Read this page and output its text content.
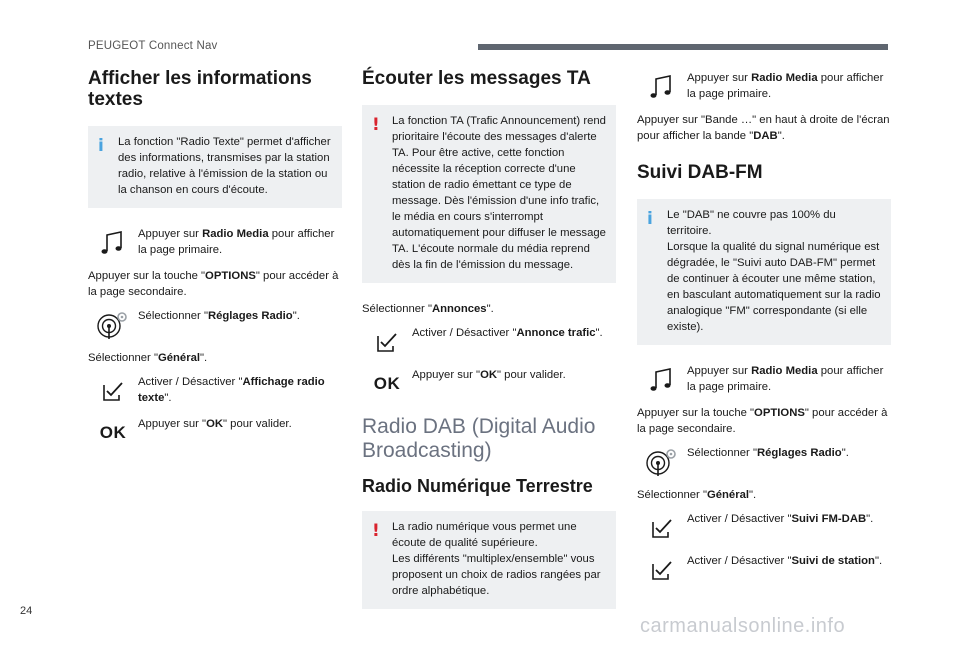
PEUGEOT Connect Nav
Afficher les informations textes
i La fonction "Radio Texte" permet d'afficher des informations, transmises par la station radio, relative à l'émission de la station ou la chanson en cours d'écoute.
Appuyer sur Radio Media pour afficher la page primaire.

Appuyer sur la touche "OPTIONS" pour accéder à la page secondaire.

Sélectionner "Réglages Radio".

Sélectionner "Général".

Activer / Désactiver "Affichage radio texte".
OK Appuyer sur "OK" pour valider.
Écouter les messages TA
! La fonction TA (Trafic Announcement) rend prioritaire l'écoute des messages d'alerte TA. Pour être active, cette fonction nécessite la réception correcte d'une station de radio émettant ce type de message. Dès l'émission d'une info trafic, le média en cours s'interrompt automatiquement pour diffuser le message TA. L'écoute normale du média reprend dès la fin de l'émission du message.

Sélectionner "Annonces".

Activer / Désactiver "Annonce trafic".
OK Appuyer sur "OK" pour valider.
Radio DAB (Digital Audio Broadcasting)
Radio Numérique Terrestre
! La radio numérique vous permet une écoute de qualité supérieure.
Les différents "multiplex/ensemble" vous proposent un choix de radios rangées par ordre alphabétique.
Appuyer sur Radio Media pour afficher la page primaire.

Appuyer sur "Bande …" en haut à droite de l'écran pour afficher la bande "DAB".

Suivi DAB-FM
i Le "DAB" ne couvre pas 100% du territoire.
Lorsque la qualité du signal numérique est dégradée, le "Suivi auto DAB-FM" permet de continuer à écouter une même station, en basculant automatiquement sur la radio analogique "FM" correspondante (si elle existe).
Appuyer sur Radio Media pour afficher la page primaire.

Appuyer sur la touche "OPTIONS" pour accéder à la page secondaire.

Sélectionner "Réglages Radio".

Sélectionner "Général".

Activer / Désactiver "Suivi FM-DAB".
Activer / Désactiver "Suivi de station".
24
carmanualsonline.info
